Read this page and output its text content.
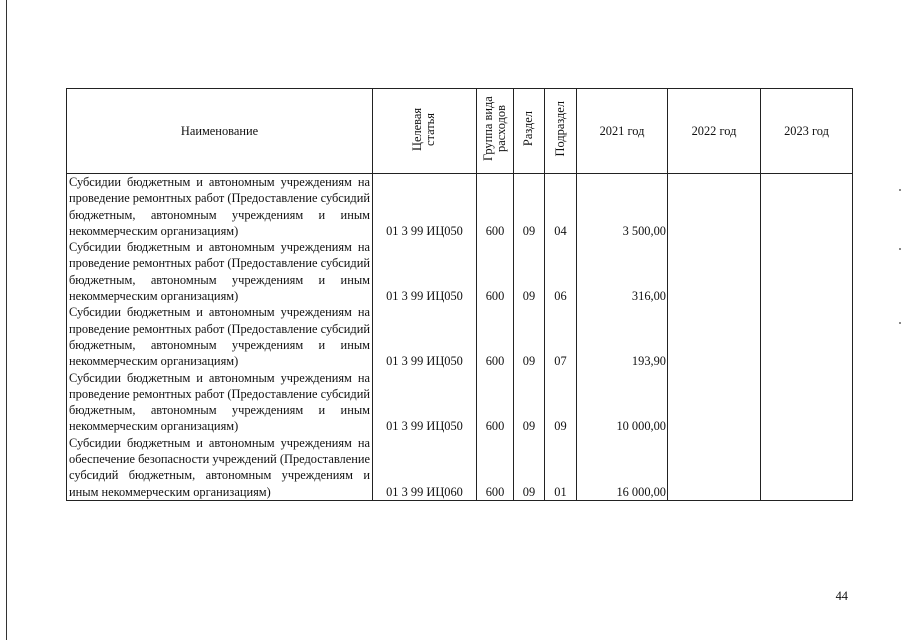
Наименование	Целевая статья	Группа вида расходов	Раздел	Подраздел	2021 год	2022 год	2023 год
Субсидии бюджетным и автономным учреждениям на проведение ремонтных работ (Предоставление субсидий бюджетным, автономным учреждениям и иным некоммерческим организациям)	01 3 99 ИЦ050	600	09	04	3 500,00		
Субсидии бюджетным и автономным учреждениям на проведение ремонтных работ (Предоставление субсидий бюджетным, автономным учреждениям и иным некоммерческим организациям)	01 3 99 ИЦ050	600	09	06	316,00		
Субсидии бюджетным и автономным учреждениям на проведение ремонтных работ (Предоставление субсидий бюджетным, автономным учреждениям и иным некоммерческим организациям)	01 3 99 ИЦ050	600	09	07	193,90		
Субсидии бюджетным и автономным учреждениям на проведение ремонтных работ (Предоставление субсидий бюджетным, автономным учреждениям и иным некоммерческим организациям)	01 3 99 ИЦ050	600	09	09	10 000,00		
Субсидии бюджетным и автономным учреждениям на обеспечение безопасности учреждений (Предоставление субсидий бюджетным, автономным учреждениям и иным некоммерческим организациям)	01 3 99 ИЦ060	600	09	01	16 000,00		
44
